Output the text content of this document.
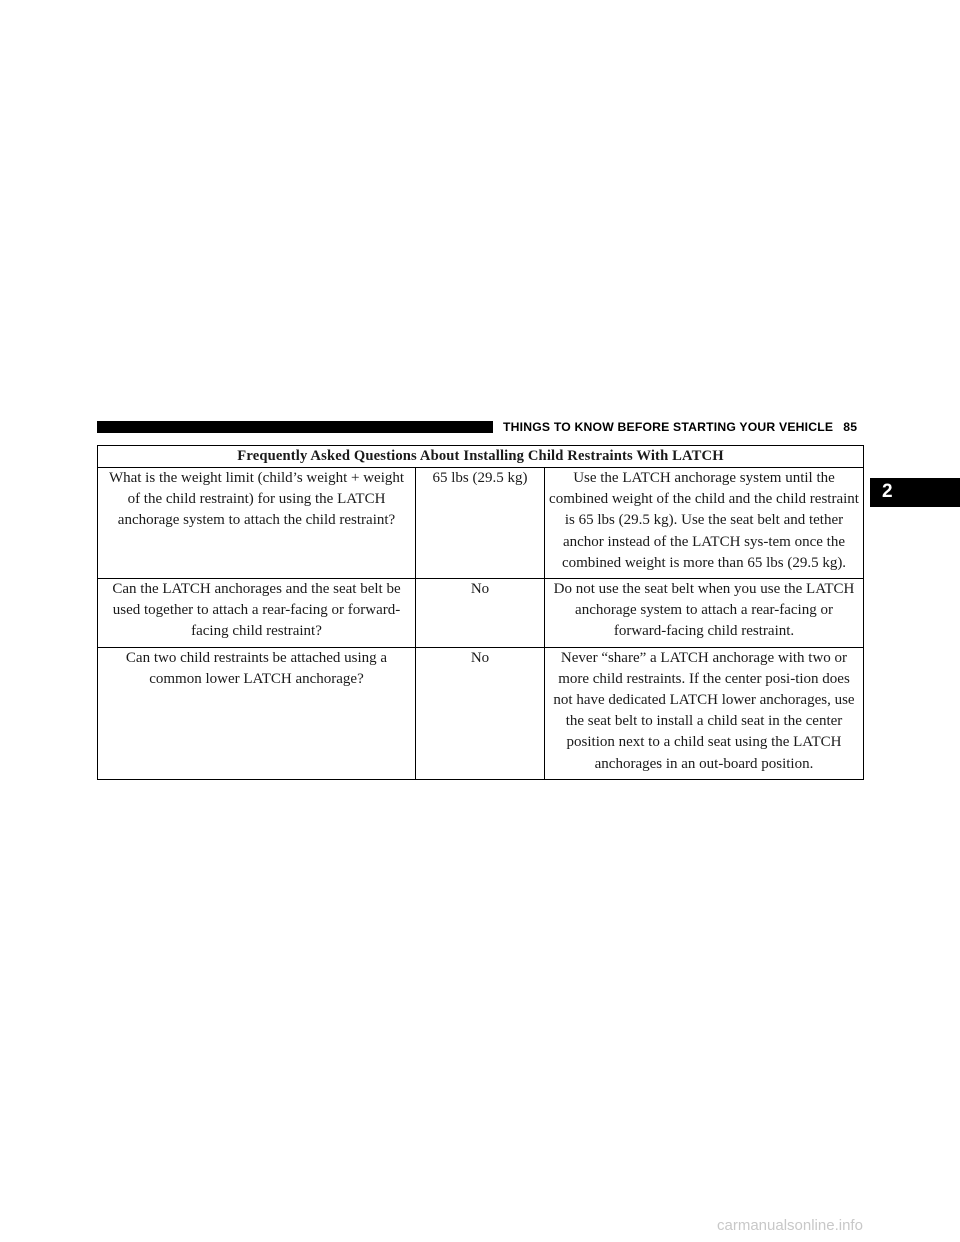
THINGS TO KNOW BEFORE STARTING YOUR VEHICLE 85
2
Frequently Asked Questions About Installing Child Restraints With LATCH		
What is the weight limit (child’s weight + weight of the child restraint) for using the LATCH anchorage system to attach the child restraint?	65 lbs (29.5 kg)	Use the LATCH anchorage system until the combined weight of the child and the child restraint is 65 lbs (29.5 kg). Use the seat belt and tether anchor instead of the LATCH sys-tem once the combined weight is more than 65 lbs (29.5 kg).
Can the LATCH anchorages and the seat belt be used together to attach a rear-facing or forward-facing child restraint?	No	Do not use the seat belt when you use the LATCH anchorage system to attach a rear-facing or forward-facing child restraint.
Can two child restraints be attached using a common lower LATCH anchorage?	No	Never “share” a LATCH anchorage with two or more child restraints. If the center posi-tion does not have dedicated LATCH lower anchorages, use the seat belt to install a child seat in the center position next to a child seat using the LATCH anchorages in an out-board position.
carmanualsonline.info
